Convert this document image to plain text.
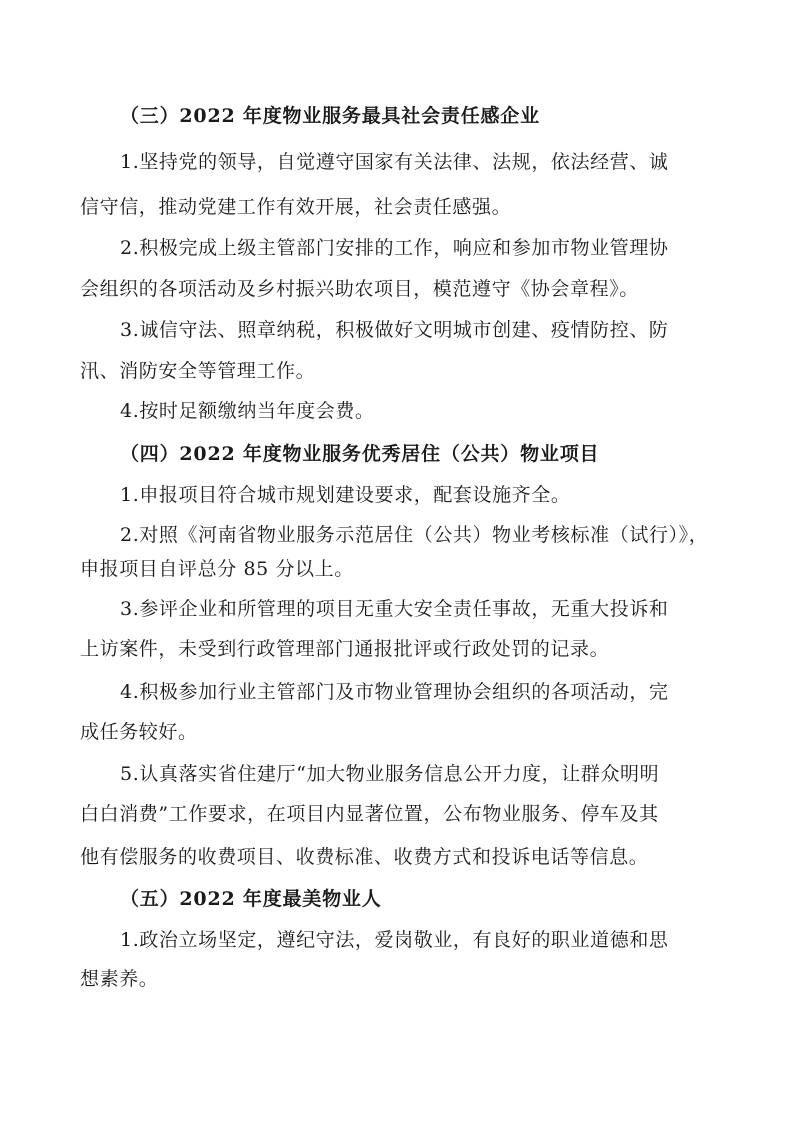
（三）2022 年度物业服务最具社会责任感企业
1.坚持党的领导，自觉遵守国家有关法律、法规，依法经营、诚
信守信，推动党建工作有效开展，社会责任感强。
2.积极完成上级主管部门安排的工作，响应和参加市物业管理协
会组织的各项活动及乡村振兴助农项目，模范遵守《协会章程》。
3.诚信守法、照章纳税，积极做好文明城市创建、疫情防控、防
汛、消防安全等管理工作。
4.按时足额缴纳当年度会费。
（四）2022 年度物业服务优秀居住（公共）物业项目
1.申报项目符合城市规划建设要求，配套设施齐全。
2.对照《河南省物业服务示范居住（公共）物业考核标准（试行）》，
申报项目自评总分 85 分以上。
3.参评企业和所管理的项目无重大安全责任事故，无重大投诉和
上访案件，未受到行政管理部门通报批评或行政处罚的记录。
4.积极参加行业主管部门及市物业管理协会组织的各项活动，完
成任务较好。
5.认真落实省住建厅“加大物业服务信息公开力度，让群众明明
白白消费”工作要求，在项目内显著位置，公布物业服务、停车及其
他有偿服务的收费项目、收费标准、收费方式和投诉电话等信息。
（五）2022 年度最美物业人
1.政治立场坚定，遵纪守法，爱岗敬业，有良好的职业道德和思
想素养。
